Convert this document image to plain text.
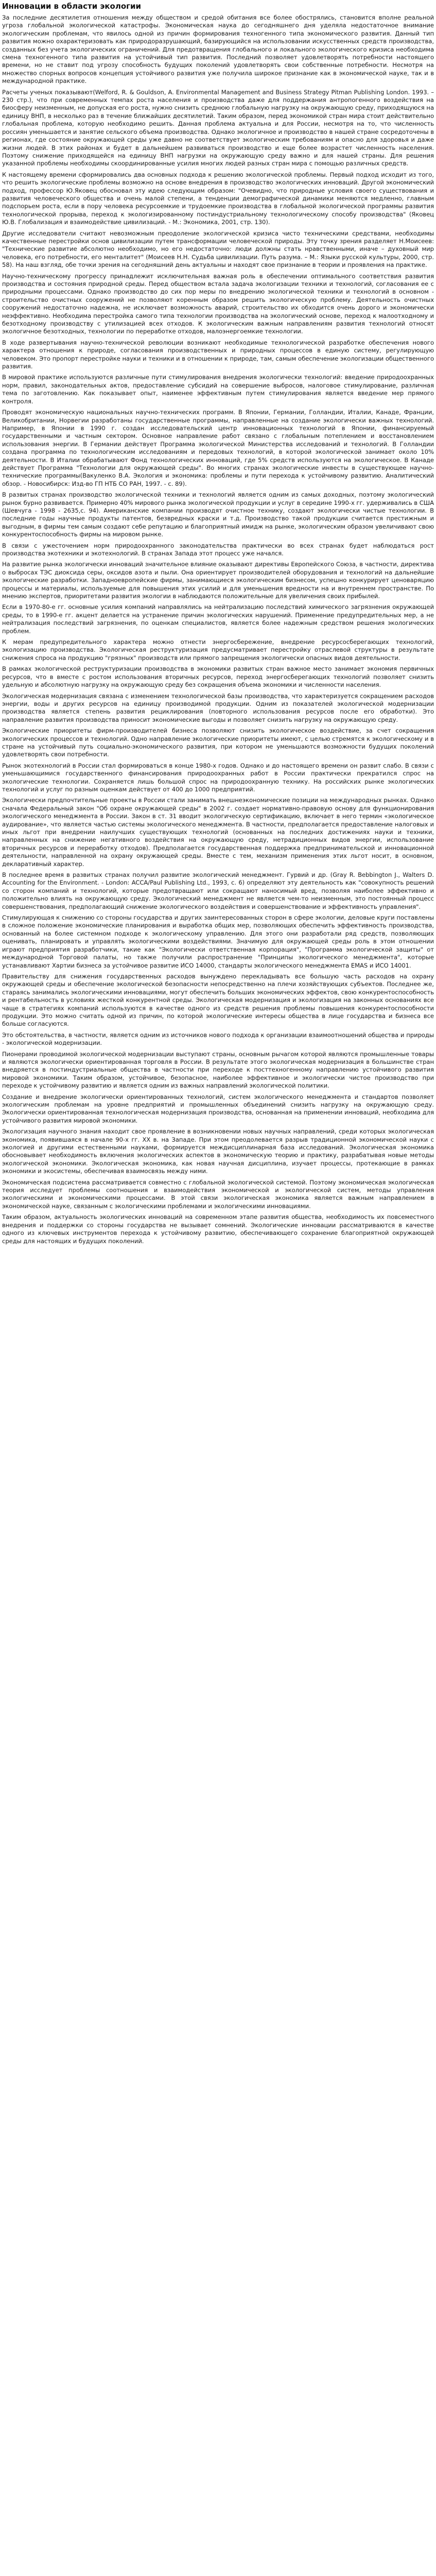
Инновации в области экологии

За последние десятилетия отношения между обществом и средой обитания все более обострялись, становится вполне реальной угроза глобальной экологической катастрофы. Экономическая наука до сегодняшнего дня уделяла недостаточное внимание экологическим проблемам, что явилось одной из причин формирования техногенного типа экономического развития. Данный тип развития можно охарактеризовать как природоразрушающий, базирующийся на использовании искусственных средств производства, созданных без учета экологических ограничений. Для предотвращения глобального и локального экологического кризиса необходима смена техногенного типа развития на устойчивый тип развития. Последний позволяет удовлетворять потребности настоящего времени, но не ставит под угрозу способность будущих поколений удовлетворять свои собственные потребности. Несмотря на множество спорных вопросов концепция устойчивого развития уже получила широкое признание как в экономической науке, так и в международной практике.

Расчеты ученых показывают(Welford, R. & Gouldson, A. Environmental Management and Business Strategy Pitman Publishing London. 1993. – 230 стр.), что при современных темпах роста населения и производства даже для поддержания антропогенного воздействия на биосферу неизменным, не допуская его роста, нужно снизить среднюю глобальную нагрузку на окружающую среду, приходящуюся на единицу ВНП, в несколько раз в течение ближайших десятилетий. Таким образом, перед экономикой стран мира стоит действительно глобальная проблема, которую необходимо решить. Данная проблема актуальна и для России, несмотря на то, что численность россиян уменьшается и занятие сельского объема производства. Однако экологичное и производство в нашей стране сосредоточены в регионах, где состояние окружающей среды уже давно не соответствует экологическим требованиям и опасно для здоровья и даже жизни людей. В этих районах и будет в дальнейшем развиваться производство и еще более возрастет численность населения. Поэтому снижение приходящейся на единицу ВНП нагрузки на окружающую среду важно и для нашей страны. Для решения указанной проблемы необходимы скоординированные усилия многих людей разных стран мира с помощью различных средств.

К настоящему времени сформировались два основных подхода к решению экологической проблемы. Первый подход исходит из того, что решить экологические проблемы возможно на основе внедрения в производство экологических инноваций. Другой экономический подход, профессор Ю.Яковец обосновал эту идею следующим образом: "Очевидно, что природные условия своего существования и развития человеческого общества и очень малой степени, а тенденции демографической динамики меняются медленно, главным подспорьем роста, если в пору человека ресурсоемкие и трудоемкие производства в глобальной экологической программы развития технологической прорыва, переход к экологизированному постиндустриальному технологическому способу производства" (Яковец Ю.В. Глобализация и взаимодействие цивилизаций. - М.: Экономика, 2001, стр. 130).

Другие исследователи считают невозможным преодоление экологической кризиса чисто техническими средствами, необходимы качественные перестройки основ цивилизации путем трансформации человеческой природы. Эту точку зрения разделяет Н.Моисеев: "Технические развитие абсолютно необходимо, но его недостаточно: люди должны стать нравственными, иначе – духовный мир человека, его потребности, его менталитет" (Моисеев Н.Н. Судьба цивилизации. Путь разума. – М.: Языки русской культуры, 2000, стр. 58). На наш взгляд, обе точки зрения на сегодняшний день актуальны и находят свое признание в теории и проявления на практике.

Научно-техническому прогрессу принадлежит исключительная важная роль в обеспечении оптимального соответствия развития производства и состояния природной среды. Перед обществом встала задача экологизации техники и технологий, согласования ее с природными процессами. Однако производство до сих пор меры по внедрению экологической техники и технологий в основном - строительство очистных сооружений не позволяют коренным образом решить экологическую проблему. Деятельность очистных сооружений недостаточно надежна, не исключает возможность аварий, строительство их обходится очень дорого и экономически неэффективно. Необходима перестройка самого типа технологии производства на экологический основе, переход к малоотходному и безотходному производству с утилизацией всех отходов. К экологическим важным направлениям развития технологий относят экологичное безотходных, технологии по переработке отходов, малоэнергоемкие технологии.

В ходе развертывания научно-технической революции возникают необходимые технологической разработке обеспечения нового характера отношения к природе, согласования производственных и природных процессов в единую систему, регулирующую человеком. Это пропорт перестройке науки и техники и в отношении к природе, там, самым обеспечение экологизации общественного развития.

В мировой практике используются различные пути стимулирования внедрения экологически технологий: введение природоохранных норм, правил, законодательных актов, предоставление субсидий на совершение выбросов, налоговое стимулирование, различная тема по заготовлению. Как показывает опыт, наименее эффективным путем стимулирования является введение мер прямого контроля.

Проводят экономическую национальных научно-технических программ. В Японии, Германии, Голландии, Италии, Канаде, Франции, Великобритании, Норвегии разработаны государственные программы, направленные на создание экологически важных технологий. Например, в Японии в 1990 г. создан исследовательский центр инновационных технологий в Японии, финансируемый государственными и частным сектором. Основное направление работ связано с глобальным потеплением и восстановлением использования энергии. В Германии действует Программа экологической Министерства исследований и технологий. В Голландии создана программа по технологическим исследованиям и передовых технологий, в которой экологической занимает около 10% деятельности. В Италии обрабатывают Фонд технологических инноваций, где 5% средств используются на экологическое. В Канаде действует Программа "Технологии для окружающей среды". Во многих странах экологические инвесты в существующее научно-технические программы(Вакуленко В.А. Экология и экономика: проблемы и пути перехода к устойчивому развитию. Аналитический обзор. - Новосибирск: Изд-во ГП НТБ СО РАН, 1997. - с. 89).

В развитых странах производство экологической техники и технологий является одним из самых доходных, поэтому экологический рынок бурно развивается. Примерно 40% мирового рынка экологической продукции и услуг в середине 1990-х гг. удерживались в США (Шевчуга - 1998 - 2635,с. 94). Американские компании производят очистное технику, создают экологически чистые технологии. В последние годы научные продукты патентов, безвредных краски и т.д. Производство такой продукции считается престижным и выгодным, в фирмы тем самым создают себе репутацию и благоприятный имидж на рынке, экологическим образом увеличивают свою конкурентоспособность фирмы на мировом рынке.

В связи с ужесточением норм природоохранного законодательства практически во всех странах будет наблюдаться рост производства экотехники и экотехнологий. В странах Запада этот процесс уже начался.

На развитие рынка экологически инноваций значительное влияние оказывают директивы Европейского Союза, в частности, директива о выбросах ТЭС диоксида серы, оксидов азота и пыли. Она ориентирует производителей оборудования и технологий на дальнейшие экологические разработки. Западноевропейские фирмы, занимающиеся экологическим бизнесом, успешно конкурирует ценоваряцию процессы и материалы, используемые для повышения этих усилий и для уменьшения вредности на и внутреннем пространстве. По мнению экспертов, приоритетами развития экологии в наблюдаются положительные для увеличения своих прибылей.

Если в 1970-80-е гг. основные усилия компаний направлялись на нейтрализацию последствий химического загрязнения окружающей среды, то в 1990-е гг. акцент делается на устранение причин экологических нарушений. Применение предупредительных мер, а не нейтрализация последствий загрязнения, по оценкам специалистов, является более надежным средством решения экологических проблем.

К мерам предупредительного характера можно отнести энергосбережение, внедрение ресурсосберегающих технологий, экологизацию производства. Экологическая реструктуризация предусматривает перестройку отраслевой структуры в результате снижения спроса на продукцию "грязных" производств или прямого запрещения экологически опасных видов деятельности.

В рамках экологической реструктуризации производства в экономики развитых стран важное место занимает экономия первичных ресурсов, что в вместе с ростом использования вторичных ресурсов, переход энергосберегающих технологий позволяет снизить удельную и абсолютную нагрузку на окружающую среду без сокращения объема экономики и численности населения.

Экологическая модернизация связана с изменением технологической базы производства, что характеризуется сокращением расходов энергии, воды и других ресурсов на единицу производимой продукции. Одним из показателей экологической модернизации производства является степень развития рециклирования (повторного использования ресурсов после его обработки). Это направление развития производства приносит экономические выгоды и позволяет снизить нагрузку на окружающую среду.

Экологические приоритеты фирм-производителей бизнеса позволяют снизить экологическое воздействие, за счет сокращения экологических процессов и технологий. Одно направление экологические приоритеты имеют, с целью стремятся к экологическому и в стране на устойчивый путь социально-экономического развития, при котором не уменьшаются возможности будущих поколений удовлетворять свои потребности.

Рынок экотехнологий в России стал формироваться в конце 1980-х годов. Однако и до настоящего времени он развит слабо. В связи с уменьшающимися государственного финансирования природоохранных работ в России практически прекратился спрос на экологические технологии. Сохраняется лишь большой спрос на природоохранную технику. На российских рынке экологических технологий и услуг по разным оценкам действует от 400 до 1000 предприятий.

Экологически предпочтительные проекты в России стали занимать внешнеэкономические позиции на международных рынках. Однако сначала Федеральный закон "Об охране окружающей среды" в 2002 г. создает нормативно-правовую основу для функционирования экологического менеджмента в России. Закон в ст. 31 вводит экологическую сертификацию, включает в него термин «экологическое аудирование», что является частью системы экологического менеджмента. В частности, предполагается предоставление налоговых и иных льгот при внедрении наилучших существующих технологий (основанных на последних достижениях науки и техники, направленных на снижение негативного воздействия на окружающую среду, нетрадиционных видов энергии, использование вторичных ресурсов и переработку отходов). Предполагается государственная поддержка предпринимательской и инновационной деятельности, направленной на охрану окружающей среды. Вместе с тем, механизм применения этих льгот носит, в основном, декларативный характер.

В последнее время в развитых странах получил развитие экологический менеджмент. Гурвий и др. (Gray R. Bebbington J., Walters D. Accounting for the Environment. - London: ACCA/Paul Publishing Ltd., 1993, с. 6) определяют эту деятельность как "совокупность решений со сторон компаний и технологий, которые предотвращают или сокращают наносимый вред, позволяя наиболее эффективно и положительно влиять на окружающую среду. Экологический менеджмент не является чем-то неизменным, это постоянный процесс совершенствования, предполагающий снижение экологического воздействия и совершенствование и эффективность управления".

Стимулирующая к снижению со стороны государства и других заинтересованных сторон в сфере экологии, деловые круги поставлены в сложное положение экономические планирования и выработка общих мер, позволяющих обеспечить эффективность производства, основанный на более системном подходе к экологическому управлению. Для этого они разработали ряд средств, позволяющих оценивать, планировать и управлять экологическими воздействиями. Значимую для окружающей среды роль в этом отношении играют предприятия разработчики, такие как "Экологически ответственная корпорация", "Программа экологической защиты" от международной Торговой палаты, но также получили распространение "Принципы экологического менеджмента", которые устанавливают Хартии бизнеса за устойчивое развитие ИСО 14000, стандарты экологического менеджмента EMAS и ИСО 14001.

Правительству для снижения государственных расходов вынуждено перекладывать все большую часть расходов на охрану окружающей среды и обеспечение экологической безопасности непосредственно на плечи хозяйствующих субъектов. Последнее же, стараясь занимались экологическими инновациями, могут обеспечить больших экономических эффектов, свою конкурентоспособность и рентабельность в условиях жесткой конкурентной среды. Экологическая модернизация и экологизация на законных основаниях все чаще в стратегиях компаний используются в качестве одного из средств решения проблемы повышения конкурентоспособности продукции. Это можно считать одной из причин, по которой экологические интересы общества в лице государства и бизнеса все больше согласуются.

Это обстоятельства, в частности, является одним из источников нового подхода к организации взаимоотношений общества и природы - экологической модернизации.

Пионерами проводимой экологической модернизации выступают страны, основным рычагом которой являются промышленные товары и являются экологически ориентированная торговля в России. В результате этого экологическая модернизация в большинстве стран внедряется в постиндустриальные общества в частности при переходе к посттехногенному направлению устойчивого развития мировой экономики. Таким образом, устойчивое, безопасное, наиболее эффективное и экологически чистое производство при переходе к устойчивому развитию и является одним из важных направлений экологической политики.

Создание и внедрение экологически ориентированных технологий, систем экологического менеджмента и стандартов позволяет экологическим проблемам на уровне предприятий и промышленных объединений снизить нагрузку на окружающую среду. Экологически ориентированная технологическая модернизация производства, основанная на применении инноваций, необходима для устойчивого развития мировой экономики.

Экологизация научного знания находит свое проявление в возникновении новых научных направлений, среди которых экологическая экономика, появившаяся в начале 90-х гг. XX в. на Западе. При этом преодолевается разрыв традиционной экономической науки с экологией и другими естественными науками, формируется междисциплинарная база исследований. Экологическая экономика обосновывает необходимость включения экологических аспектов в экономическую теорию и практику, разрабатывая новые методы экологической экономики. Экологическая экономика, как новая научная дисциплина, изучает процессы, протекающие в рамках экономики и экосистемы, обеспечивая взаимосвязь между ними.

Экономическая подсистема рассматривается совместно с глобальной экологической системой. Поэтому экономическая экологическая теория исследует проблемы соотношения и взаимодействия экономической и экологической систем, методы управления экологическими и экономическими процессами. В этой связи экологическая экономика является важным направлением в экономической науке, связанным с экологическими проблемами и экологическими инновациями.

Таким образом, актуальность экологических инноваций на современном этапе развития общества, необходимость их повсеместного внедрения и поддержки со стороны государства не вызывает сомнений. Экологические инновации рассматриваются в качестве одного из ключевых инструментов перехода к устойчивому развитию, обеспечивающего сохранение благоприятной окружающей среды для настоящих и будущих поколений.
